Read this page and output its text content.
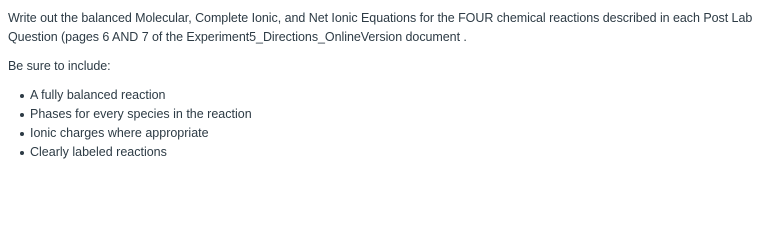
Write out the balanced Molecular, Complete Ionic, and Net Ionic Equations for the FOUR chemical reactions described in each Post Lab
Question (pages 6 AND 7 of the Experiment5_Directions_OnlineVersion document .

Be sure to include:

A fully balanced reaction
Phases for every species in the reaction
Ionic charges where appropriate
Clearly labeled reactions
